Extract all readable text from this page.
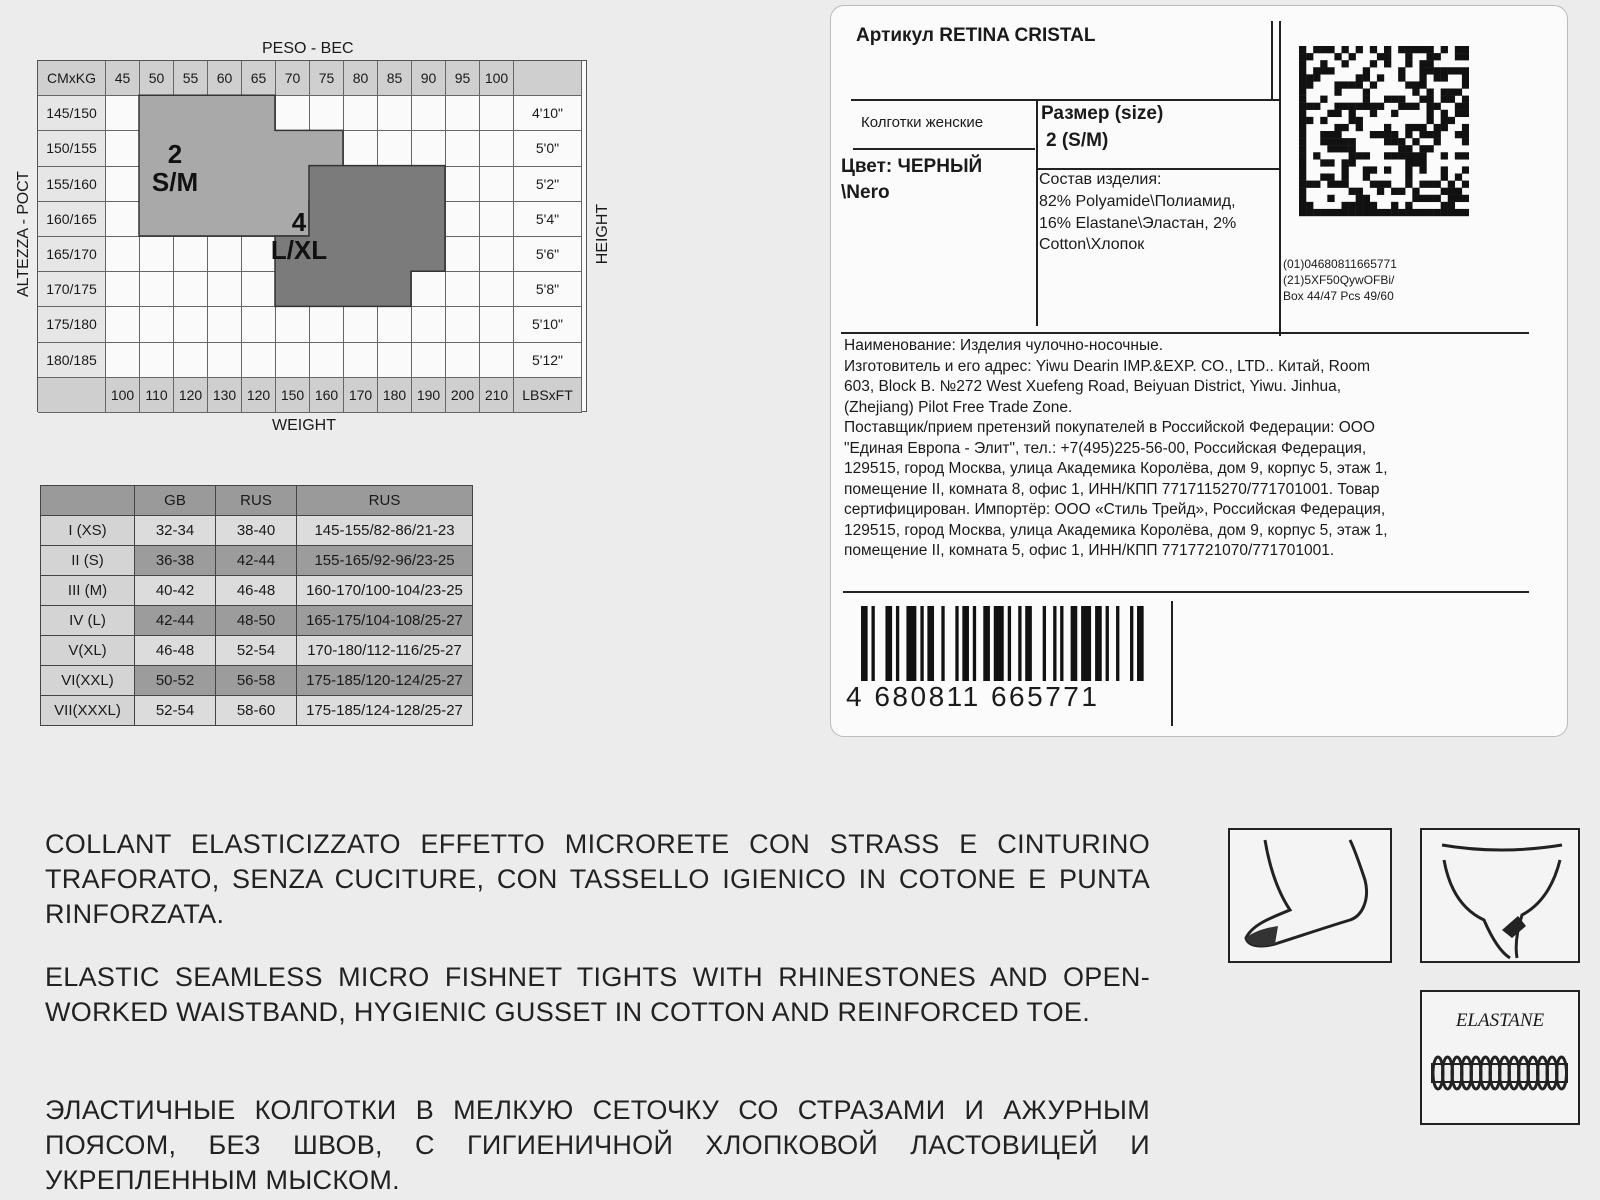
PESO - ВЕС
CMxKG	45	50	55	60	65	70	75	80	85	90	95	100
145/150	4'10"
150/155	5'0"
155/160	5'2"
160/165	5'4"
165/170	5'6"
170/175	5'8"
175/180	5'10"
180/185	5'12"
100 110 120 130 120 150 160 170 180 190 200 210	LBSxFT
2
S/M
4
L/XL
WEIGHT
ALTEZZA - РОСТ	HEIGHT
	GB	RUS	RUS
I (XS)	32-34	38-40	145-155/82-86/21-23
II (S)	36-38	42-44	155-165/92-96/23-25
III (M)	40-42	46-48	160-170/100-104/23-25
IV (L)	42-44	48-50	165-175/104-108/25-27
V(XL)	46-48	52-54	170-180/112-116/25-27
VI(XXL)	50-52	56-58	175-185/120-124/25-27
VII(XXXL)	52-54	58-60	175-185/124-128/25-27
Артикул RETINA CRISTAL
Колготки женские	Размер (size)
2 (S/M)
Цвет: ЧЕРНЫЙ
\Nero
Состав изделия:
82% Polyamide\Полиамид,
16% Elastane\Эластан, 2%
Cotton\Хлопок
(01)04680811665771
(21)5XF50QywOFBi/
Box 44/47 Pcs 49/60
Наименование: Изделия чулочно-носочные.
Изготовитель и его адрес: Yiwu Dearin IMP.&EXP. CO., LTD.. Китай, Room
603, Block B. №272 West Xuefeng Road, Beiyuan District, Yiwu. Jinhua,
(Zhejiang) Pilot Free Trade Zone.
Поставщик/прием претензий покупателей в Российской Федерации: ООО
"Единая Европа - Элит", тел.: +7(495)225-56-00, Российская Федерация,
129515, город Москва, улица Академика Королёва, дом 9, корпус 5, этаж 1,
помещение II, комната 8, офис 1, ИНН/КПП 7717115270/771701001. Товар
сертифицирован. Импортёр: ООО «Стиль Трейд», Российская Федерация,
129515, город Москва, улица Академика Королёва, дом 9, корпус 5, этаж 1,
помещение II, комната 5, офис 1, ИНН/КПП 7717721070/771701001.
4 680811 665771
COLLANT ELASTICIZZATO EFFETTO MICRORETE CON STRASS E CINTURINO TRAFORATO, SENZA CUCITURE, CON TASSELLO IGIENICO IN COTONE E PUNTA RINFORZATA.
ELASTIC SEAMLESS MICRO FISHNET TIGHTS WITH RHINESTONES AND OPEN-WORKED WAISTBAND, HYGIENIC GUSSET IN COTTON AND REINFORCED TOE.
ЭЛАСТИЧНЫЕ КОЛГОТКИ В МЕЛКУЮ СЕТОЧКУ СО СТРАЗАМИ И АЖУРНЫМ ПОЯСОМ, БЕЗ ШВОВ, С ГИГИЕНИЧНОЙ ХЛОПКОВОЙ ЛАСТОВИЦЕЙ И УКРЕПЛЕННЫМ МЫСКОМ.
ELASTANE
